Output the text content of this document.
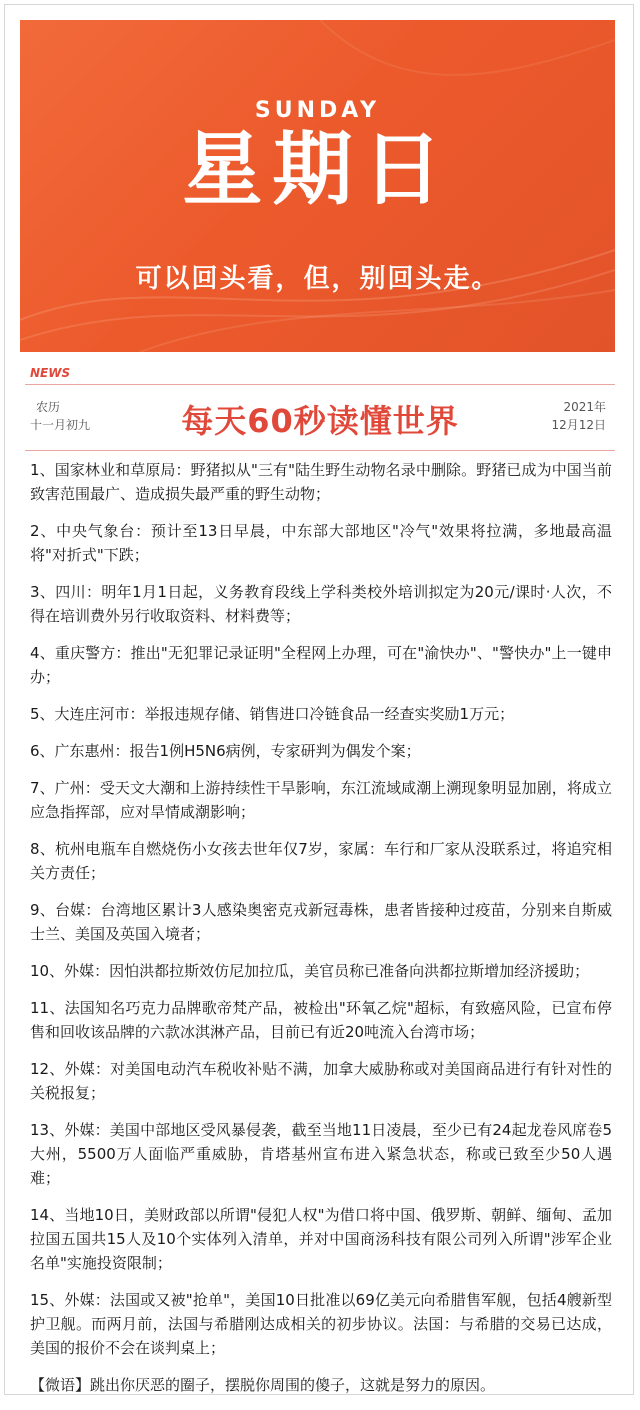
SUNDAY
星期日
可以回头看，但，别回头走。
NEWS
农历
十一月初九	每天60秒读懂世界	2021年
12月12日

1、国家林业和草原局：野猪拟从"三有"陆生野生动物名录中删除。野猪已成为中国当前致害范围最广、造成损失最严重的野生动物；

2、中央气象台：预计至13日早晨，中东部大部地区"冷气"效果将拉满，多地最高温将"对折式"下跌；

3、四川：明年1月1日起，义务教育段线上学科类校外培训拟定为20元/课时·人次，不得在培训费外另行收取资料、材料费等；

4、重庆警方：推出"无犯罪记录证明"全程网上办理，可在"渝快办"、"警快办"上一键申办；

5、大连庄河市：举报违规存储、销售进口冷链食品一经查实奖励1万元；

6、广东惠州：报告1例H5N6病例，专家研判为偶发个案；

7、广州：受天文大潮和上游持续性干旱影响，东江流域咸潮上溯现象明显加剧，将成立应急指挥部，应对旱情咸潮影响；

8、杭州电瓶车自燃烧伤小女孩去世年仅7岁，家属：车行和厂家从没联系过，将追究相关方责任；

9、台媒：台湾地区累计3人感染奥密克戎新冠毒株，患者皆接种过疫苗，分别来自斯威士兰、美国及英国入境者；

10、外媒：因怕洪都拉斯效仿尼加拉瓜，美官员称已准备向洪都拉斯增加经济援助；

11、法国知名巧克力品牌歌帝梵产品，被检出"环氧乙烷"超标，有致癌风险，已宣布停售和回收该品牌的六款冰淇淋产品，目前已有近20吨流入台湾市场；

12、外媒：对美国电动汽车税收补贴不满，加拿大威胁称或对美国商品进行有针对性的关税报复；

13、外媒：美国中部地区受风暴侵袭，截至当地11日凌晨，至少已有24起龙卷风席卷5大州，5500万人面临严重威胁，肯塔基州宣布进入紧急状态，称或已致至少50人遇难；

14、当地10日，美财政部以所谓"侵犯人权"为借口将中国、俄罗斯、朝鲜、缅甸、孟加拉国五国共15人及10个实体列入清单，并对中国商汤科技有限公司列入所谓"涉军企业名单"实施投资限制；

15、外媒：法国或又被"抢单"，美国10日批准以69亿美元向希腊售军舰，包括4艘新型护卫舰。而两月前，法国与希腊刚达成相关的初步协议。法国：与希腊的交易已达成，美国的报价不会在谈判桌上；

【微语】跳出你厌恶的圈子，摆脱你周围的傻子，这就是努力的原因。
